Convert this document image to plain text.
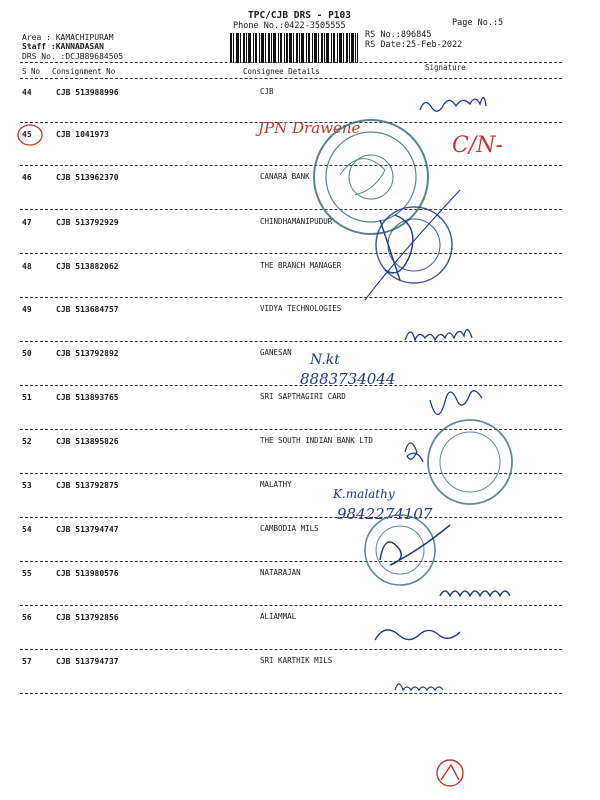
TPC/CJB DRS - P103
Phone No.:0422-3505555	Page No.:5
Area : KAMACHIPURAM
Staff :KANNADASAN
DRS No. :DCJB89684505
RS No.:896845
RS Date:25-Feb-2022
S No Consignment No	Consignee Details	Signature
44	CJB 513988996	CJB
45	CJB 1041973
46	CJB 513962370	CANARA BANK
47	CJB 513792929	CHINDHAMANIPUDUR
48	CJB 513882062	THE BRANCH MANAGER
49	CJB 513684757	VIDYA TECHNOLOGIES
50	CJB 513792892	GANESAN
51	CJB 513893765	SRI SAPTHAGIRI CARD
52	CJB 513895826	THE SOUTH INDIAN BANK LTD
53	CJB 513792875	MALATHY
54	CJB 513794747	CAMBODIA MILS
55	CJB 513980576	NATARAJAN
56	CJB 513792856	ALIAMMAL
57	CJB 513794737	SRI KARTHIK MILS
JPN Drawene
C/N-
N.kt
8883734044
K.malathy
9842274107
